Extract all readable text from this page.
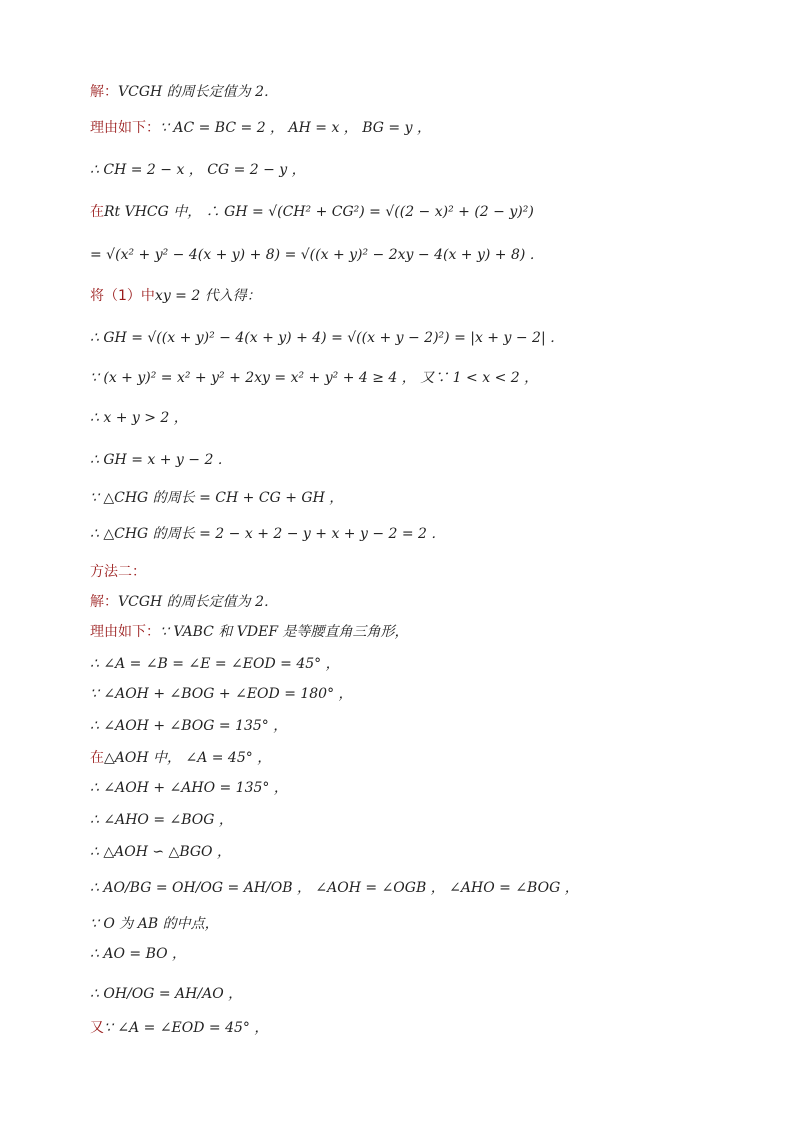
解：VCGH 的周长定值为 2．
理由如下：∵ AC = BC = 2 ， AH = x ， BG = y ，
∴ CH = 2 − x ， CG = 2 − y ，
在Rt VHCG 中， ∴ GH = √(CH² + CG²) = √((2 − x)² + (2 − y)²)
= √(x² + y² − 4(x + y) + 8) = √((x + y)² − 2xy − 4(x + y) + 8) ．
将（1）中xy = 2 代入得：
∴ GH = √((x + y)² − 4(x + y) + 4) = √((x + y − 2)²) = |x + y − 2| ．
∵ (x + y)² = x² + y² + 2xy = x² + y² + 4 ≥ 4 ， 又∵ 1 < x < 2 ，
∴ x + y > 2 ，
∴ GH = x + y − 2 ．
∵ △CHG 的周长 = CH + CG + GH ，
∴ △CHG 的周长 = 2 − x + 2 − y + x + y − 2 = 2 ．
方法二：
解：VCGH 的周长定值为 2．
理由如下：∵ VABC 和 VDEF 是等腰直角三角形，
∴ ∠A = ∠B = ∠E = ∠EOD = 45° ，
∵ ∠AOH + ∠BOG + ∠EOD = 180° ，
∴ ∠AOH + ∠BOG = 135° ，
在△AOH 中， ∠A = 45° ，
∴ ∠AOH + ∠AHO = 135° ，
∴ ∠AHO = ∠BOG ，
∴ △AOH ∽ △BGO ，
∴ AO/BG = OH/OG = AH/OB ， ∠AOH = ∠OGB ， ∠AHO = ∠BOG ，
∵ O 为 AB 的中点，
∴ AO = BO ，
∴ OH/OG = AH/AO ，
又∵ ∠A = ∠EOD = 45° ，
